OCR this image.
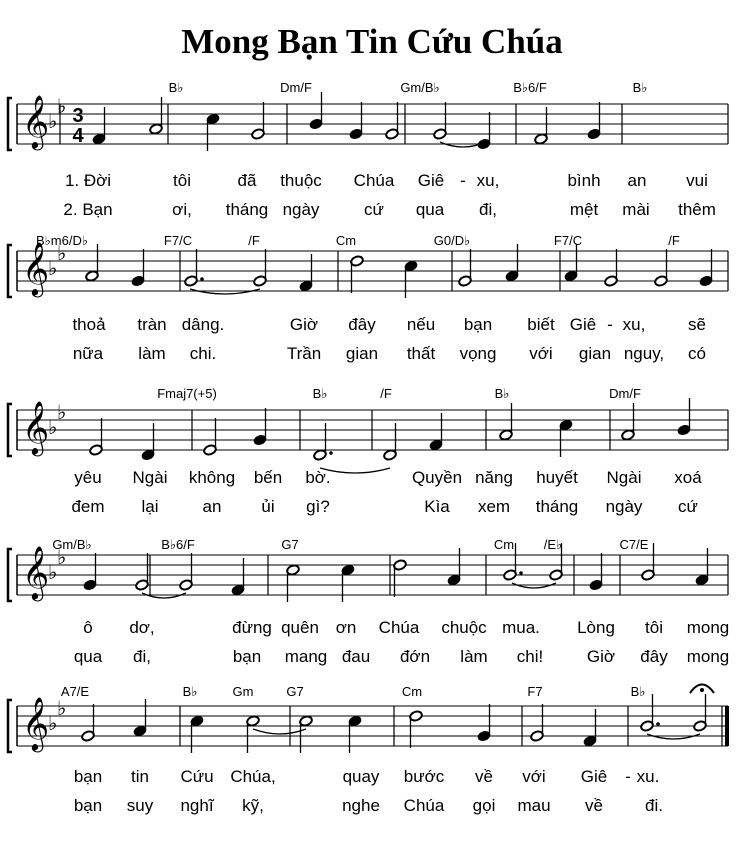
Mong Bạn Tin Cứu Chúa
𝄞
♭
♭ 3
4
B♭	Dm/F	Gm/B♭	B♭6/F	B♭
1. Đời	tôi	đã thuộc Chúa Giê - xu,	bình an vui
2. Bạn	ơi, tháng ngày	cứ qua đi,	mệt mài thêm
𝄞
♭
♭
B♭m6/D♭	F7/C	/F	Cm	G0/D♭	F7/C	/F
thoả tràn dâng.	Giờ đây nếu bạn biết Giê - xu,	sẽ
nữa làm chi.	Trần gian thất vọng với gian nguy, có
𝄞
♭
♭
Fmaj7(+5)	B♭	/F	B♭	Dm/F
yêu Ngài không bến bờ.	Quyền năng huyết Ngài xoá
đem lại	an ủi gì?	Kìa xem tháng ngày cứ
𝄞
♭
♭
Gm/B♭	B♭6/F	G7	Cm /E♭	C7/E
ô dơ,	đừng quên ơn Chúa chuộc mua. Lòng tôi mong
qua đi,	bạn mang đau đớn làm chi!	Giờ đây mong
𝄞
♭
♭
A7/E	B♭	Gm	G7	Cm	F7	B♭
bạn tin Cứu Chúa,	quay bước về với Giê - xu.
bạn suy nghĩ kỹ,	nghe Chúa gọi mau về đi.
